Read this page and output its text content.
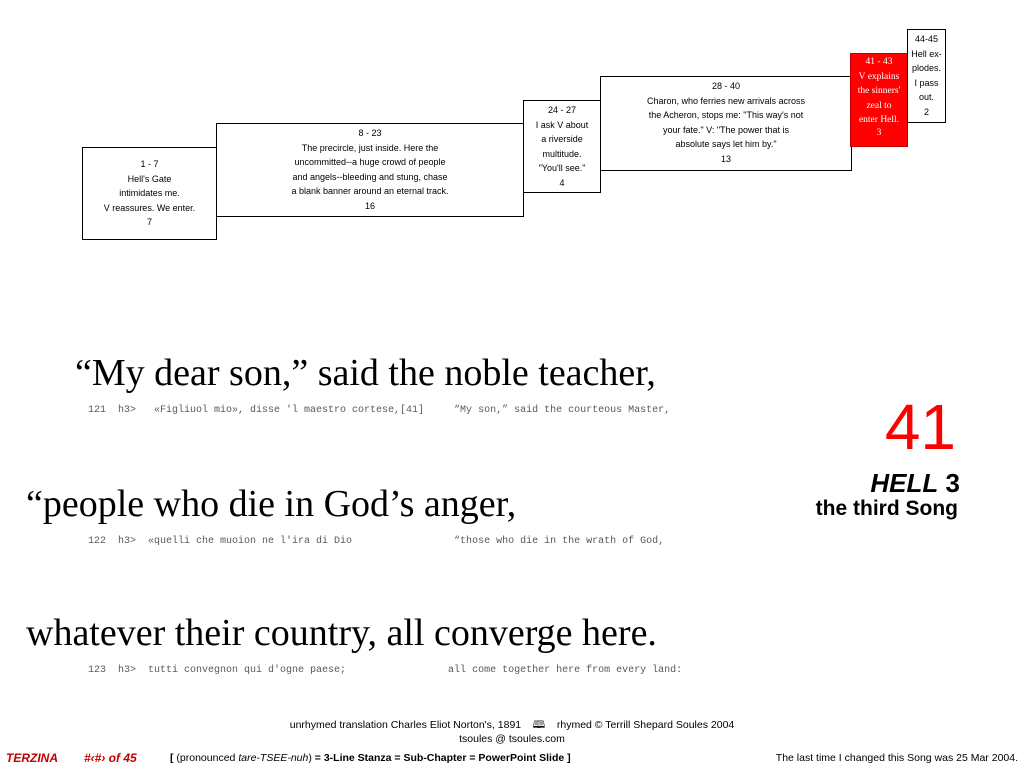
1 - 7
Hell's Gate
intimidates me.
V reassures. We enter.
7
8 - 23
The precircle, just inside. Here the
uncommitted--a huge crowd of people
and angels--bleeding and stung, chase
a blank banner around an eternal track.
16
24 - 27
I ask V about
a riverside
multitude.
"You'll see."
4
28 - 40
Charon, who ferries new arrivals across
the Acheron, stops me: "This way's not
your fate." V: "The power that is
absolute says let him by."
13
41 - 43
V explains
the sinners'
zeal to
enter Hell.
3
44-45
Hell ex-
plodes.
I pass
out.
2
“My dear son,” said the noble teacher,
121  h3>   «Figliuol mio», disse 'l maestro cortese,[41]     “My son,” said the courteous Master,
“people who die in God’s anger,
122  h3>  «quelli che muoion ne l'ira di Dio                 “those who die in the wrath of God,
whatever their country, all converge here.
123  h3>  tutti convegnon qui d'ogne paese;                 all come together here from every land:
41
HELL 3
the third Song
unrhymed translation Charles Eliot Norton's, 1891 🕮 rhymed © Terrill Shepard Soules 2004
tsoules @ tsoules.com
TERZINA #‹#› of 45	[ (pronounced tare-TSEE-nuh) = 3-Line Stanza = Sub-Chapter = PowerPoint Slide ]	The last time I changed this Song was 25 Mar 2004.
